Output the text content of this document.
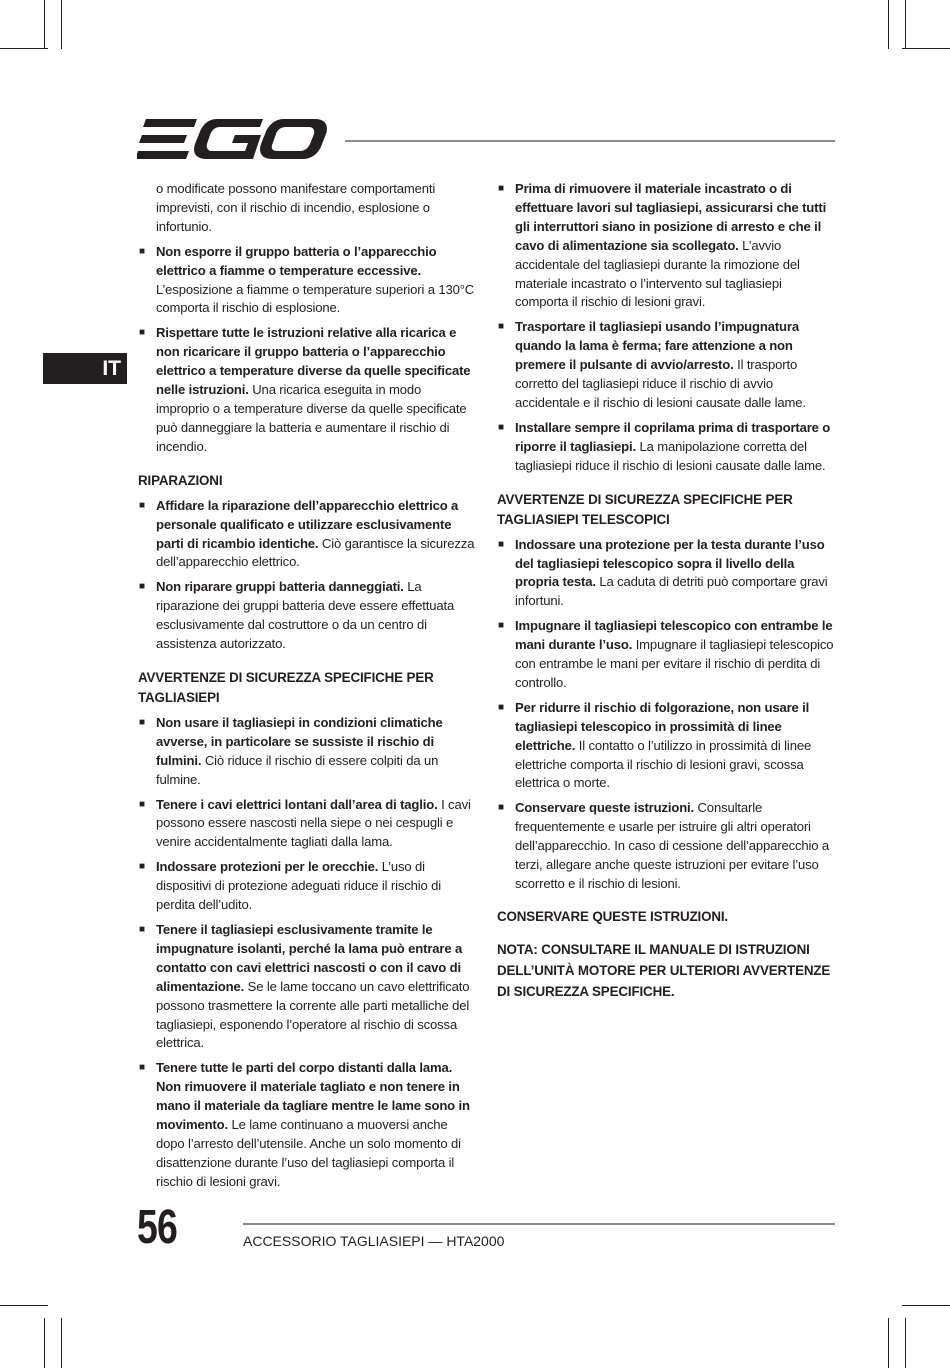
IT

o modificate possono manifestare comportamenti imprevisti, con il rischio di incendio, esplosione o infortunio.

■ Non esporre il gruppo batteria o l’apparecchio elettrico a fiamme o temperature eccessive. L’esposizione a fiamme o temperature superiori a 130°C comporta il rischio di esplosione.
■ Rispettare tutte le istruzioni relative alla ricarica e non ricaricare il gruppo batteria o l’apparecchio elettrico a temperature diverse da quelle specificate nelle istruzioni. Una ricarica eseguita in modo improprio o a temperature diverse da quelle specificate può danneggiare la batteria e aumentare il rischio di incendio.
RIPARAZIONI
■ Affidare la riparazione dell’apparecchio elettrico a personale qualificato e utilizzare esclusivamente parti di ricambio identiche. Ciò garantisce la sicurezza dell’apparecchio elettrico.
■ Non riparare gruppi batteria danneggiati. La riparazione dei gruppi batteria deve essere effettuata esclusivamente dal costruttore o da un centro di assistenza autorizzato.
AVVERTENZE DI SICUREZZA SPECIFICHE PER TAGLIASIEPI
■ Non usare il tagliasiepi in condizioni climatiche avverse, in particolare se sussiste il rischio di fulmini. Ciò riduce il rischio di essere colpiti da un fulmine.
■ Tenere i cavi elettrici lontani dall’area di taglio. I cavi possono essere nascosti nella siepe o nei cespugli e venire accidentalmente tagliati dalla lama.
■ Indossare protezioni per le orecchie. L’uso di dispositivi di protezione adeguati riduce il rischio di perdita dell’udito.
■ Tenere il tagliasiepi esclusivamente tramite le impugnature isolanti, perché la lama può entrare a contatto con cavi elettrici nascosti o con il cavo di alimentazione. Se le lame toccano un cavo elettrificato possono trasmettere la corrente alle parti metalliche del tagliasiepi, esponendo l’operatore al rischio di scossa elettrica.
■ Tenere tutte le parti del corpo distanti dalla lama. Non rimuovere il materiale tagliato e non tenere in mano il materiale da tagliare mentre le lame sono in movimento. Le lame continuano a muoversi anche dopo l’arresto dell’utensile. Anche un solo momento di disattenzione durante l’uso del tagliasiepi comporta il rischio di lesioni gravi.
■ Prima di rimuovere il materiale incastrato o di effettuare lavori sul tagliasiepi, assicurarsi che tutti gli interruttori siano in posizione di arresto e che il cavo di alimentazione sia scollegato. L’avvio accidentale del tagliasiepi durante la rimozione del materiale incastrato o l’intervento sul tagliasiepi comporta il rischio di lesioni gravi.
■ Trasportare il tagliasiepi usando l’impugnatura quando la lama è ferma; fare attenzione a non premere il pulsante di avvio/arresto. Il trasporto corretto del tagliasiepi riduce il rischio di avvio accidentale e il rischio di lesioni causate dalle lame.
■ Installare sempre il coprilama prima di trasportare o riporre il tagliasiepi. La manipolazione corretta del tagliasiepi riduce il rischio di lesioni causate dalle lame.
AVVERTENZE DI SICUREZZA SPECIFICHE PER TAGLIASIEPI TELESCOPICI
■ Indossare una protezione per la testa durante l’uso del tagliasiepi telescopico sopra il livello della propria testa. La caduta di detriti può comportare gravi infortuni.
■ Impugnare il tagliasiepi telescopico con entrambe le mani durante l’uso. Impugnare il tagliasiepi telescopico con entrambe le mani per evitare il rischio di perdita di controllo.
■ Per ridurre il rischio di folgorazione, non usare il tagliasiepi telescopico in prossimità di linee elettriche. Il contatto o l’utilizzo in prossimità di linee elettriche comporta il rischio di lesioni gravi, scossa elettrica o morte.
■ Conservare queste istruzioni. Consultarle frequentemente e usarle per istruire gli altri operatori dell’apparecchio. In caso di cessione dell’apparecchio a terzi, allegare anche queste istruzioni per evitare l’uso scorretto e il rischio di lesioni.
CONSERVARE QUESTE ISTRUZIONI.
NOTA: CONSULTARE IL MANUALE DI ISTRUZIONI DELL’UNITÀ MOTORE PER ULTERIORI AVVERTENZE DI SICUREZZA SPECIFICHE.
56	ACCESSORIO TAGLIASIEPI — HTA2000
